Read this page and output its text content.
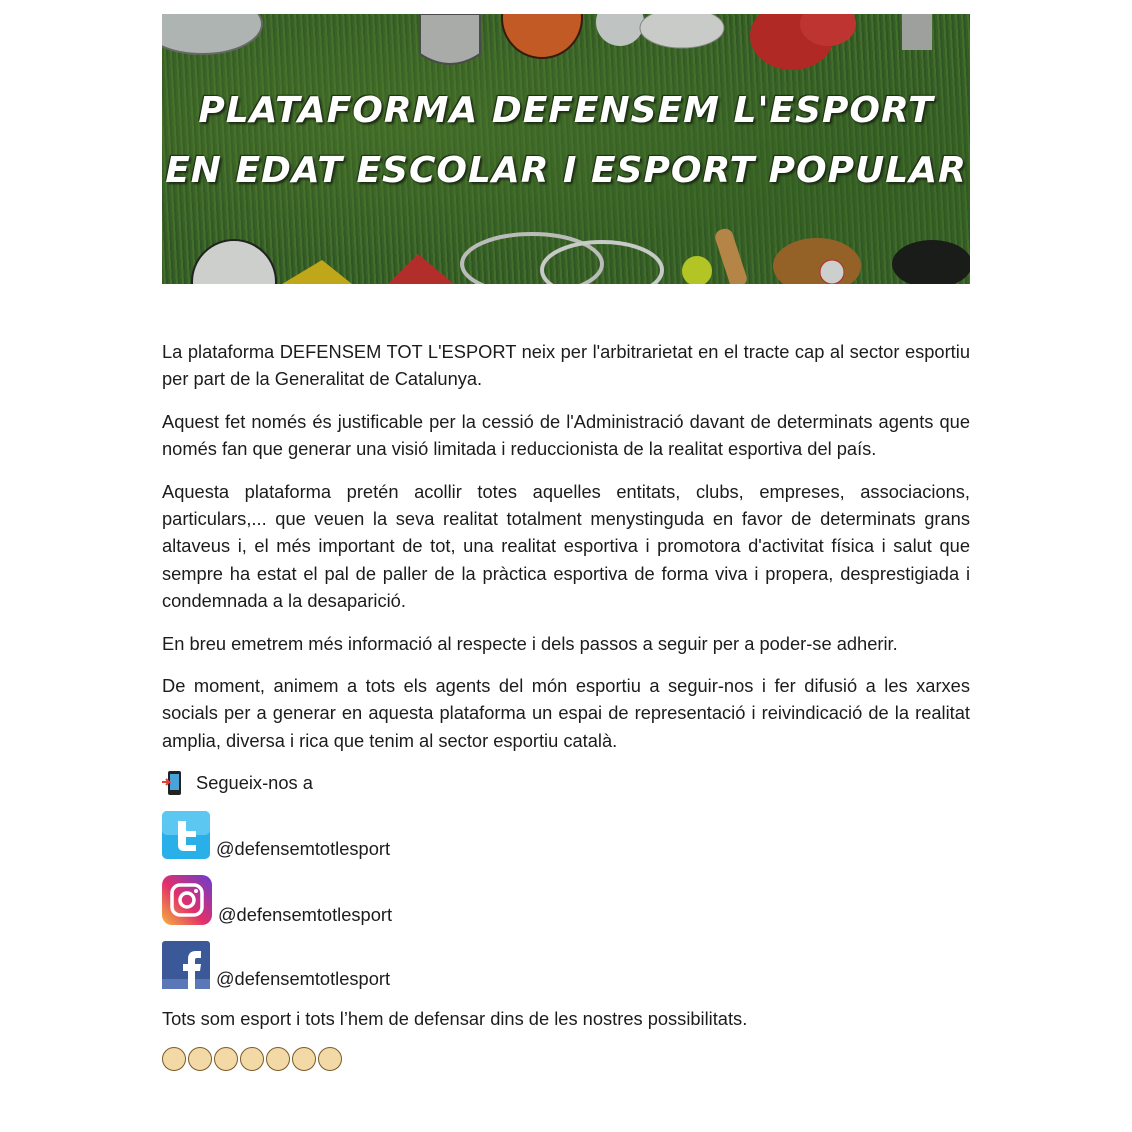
PLATAFORMA DEFENSEM L'ESPORT
EN EDAT ESCOLAR I ESPORT POPULAR

La plataforma DEFENSEM TOT L'ESPORT neix per l'arbitrarietat en el tracte cap al sector esportiu per part de la Generalitat de Catalunya.

Aquest fet només és justificable per la cessió de l'Administració davant de determinats agents que només fan que generar una visió limitada i reduccionista de la realitat esportiva del país.

Aquesta plataforma pretén acollir totes aquelles entitats, clubs, empreses, associacions, particulars,... que veuen la seva realitat totalment menystinguda en favor de determinats grans altaveus i, el més important de tot, una realitat esportiva i promotora d'activitat física i salut que sempre ha estat el pal de paller de la pràctica esportiva de forma viva i propera, desprestigiada i condemnada a la desaparició.

En breu emetrem més informació al respecte i dels passos a seguir per a poder-se adherir.

De moment, animem a tots els agents del món esportiu a seguir-nos i fer difusió a les xarxes socials per a generar en aquesta plataforma un espai de representació i reivindicació de la realitat amplia, diversa i rica que tenim al sector esportiu català.

Segueix-nos a
@defensemtotlesport
@defensemtotlesport
@defensemtotlesport

Tots som esport i tots l’hem de defensar dins de les nostres possibilitats.
